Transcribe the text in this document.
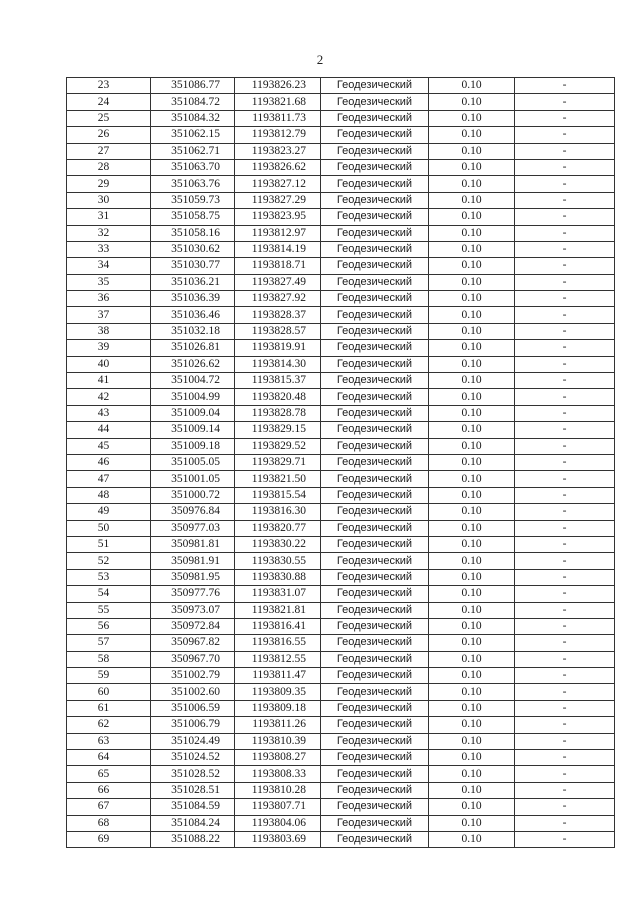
2
23	351086.77	1193826.23	Геодезический	0.10	-
24	351084.72	1193821.68	Геодезический	0.10	-
25	351084.32	1193811.73	Геодезический	0.10	-
26	351062.15	1193812.79	Геодезический	0.10	-
27	351062.71	1193823.27	Геодезический	0.10	-
28	351063.70	1193826.62	Геодезический	0.10	-
29	351063.76	1193827.12	Геодезический	0.10	-
30	351059.73	1193827.29	Геодезический	0.10	-
31	351058.75	1193823.95	Геодезический	0.10	-
32	351058.16	1193812.97	Геодезический	0.10	-
33	351030.62	1193814.19	Геодезический	0.10	-
34	351030.77	1193818.71	Геодезический	0.10	-
35	351036.21	1193827.49	Геодезический	0.10	-
36	351036.39	1193827.92	Геодезический	0.10	-
37	351036.46	1193828.37	Геодезический	0.10	-
38	351032.18	1193828.57	Геодезический	0.10	-
39	351026.81	1193819.91	Геодезический	0.10	-
40	351026.62	1193814.30	Геодезический	0.10	-
41	351004.72	1193815.37	Геодезический	0.10	-
42	351004.99	1193820.48	Геодезический	0.10	-
43	351009.04	1193828.78	Геодезический	0.10	-
44	351009.14	1193829.15	Геодезический	0.10	-
45	351009.18	1193829.52	Геодезический	0.10	-
46	351005.05	1193829.71	Геодезический	0.10	-
47	351001.05	1193821.50	Геодезический	0.10	-
48	351000.72	1193815.54	Геодезический	0.10	-
49	350976.84	1193816.30	Геодезический	0.10	-
50	350977.03	1193820.77	Геодезический	0.10	-
51	350981.81	1193830.22	Геодезический	0.10	-
52	350981.91	1193830.55	Геодезический	0.10	-
53	350981.95	1193830.88	Геодезический	0.10	-
54	350977.76	1193831.07	Геодезический	0.10	-
55	350973.07	1193821.81	Геодезический	0.10	-
56	350972.84	1193816.41	Геодезический	0.10	-
57	350967.82	1193816.55	Геодезический	0.10	-
58	350967.70	1193812.55	Геодезический	0.10	-
59	351002.79	1193811.47	Геодезический	0.10	-
60	351002.60	1193809.35	Геодезический	0.10	-
61	351006.59	1193809.18	Геодезический	0.10	-
62	351006.79	1193811.26	Геодезический	0.10	-
63	351024.49	1193810.39	Геодезический	0.10	-
64	351024.52	1193808.27	Геодезический	0.10	-
65	351028.52	1193808.33	Геодезический	0.10	-
66	351028.51	1193810.28	Геодезический	0.10	-
67	351084.59	1193807.71	Геодезический	0.10	-
68	351084.24	1193804.06	Геодезический	0.10	-
69	351088.22	1193803.69	Геодезический	0.10	-
